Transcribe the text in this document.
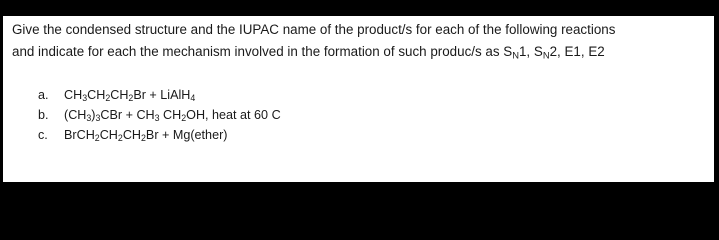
Give the condensed structure and the IUPAC name of the product/s for each of the following reactions
and indicate for each the mechanism involved in the formation of such produc/s as $S_N1$, $S_N2$, E1, E2
a. $CH_3CH_2CH_2Br$ + LiAlH$_4$
b. $(CH_3)_3CBr + CH_3$ $CH_2OH$, heat at 60 C
c. $BrCH_2CH_2CH_2Br$ + Mg(ether)
